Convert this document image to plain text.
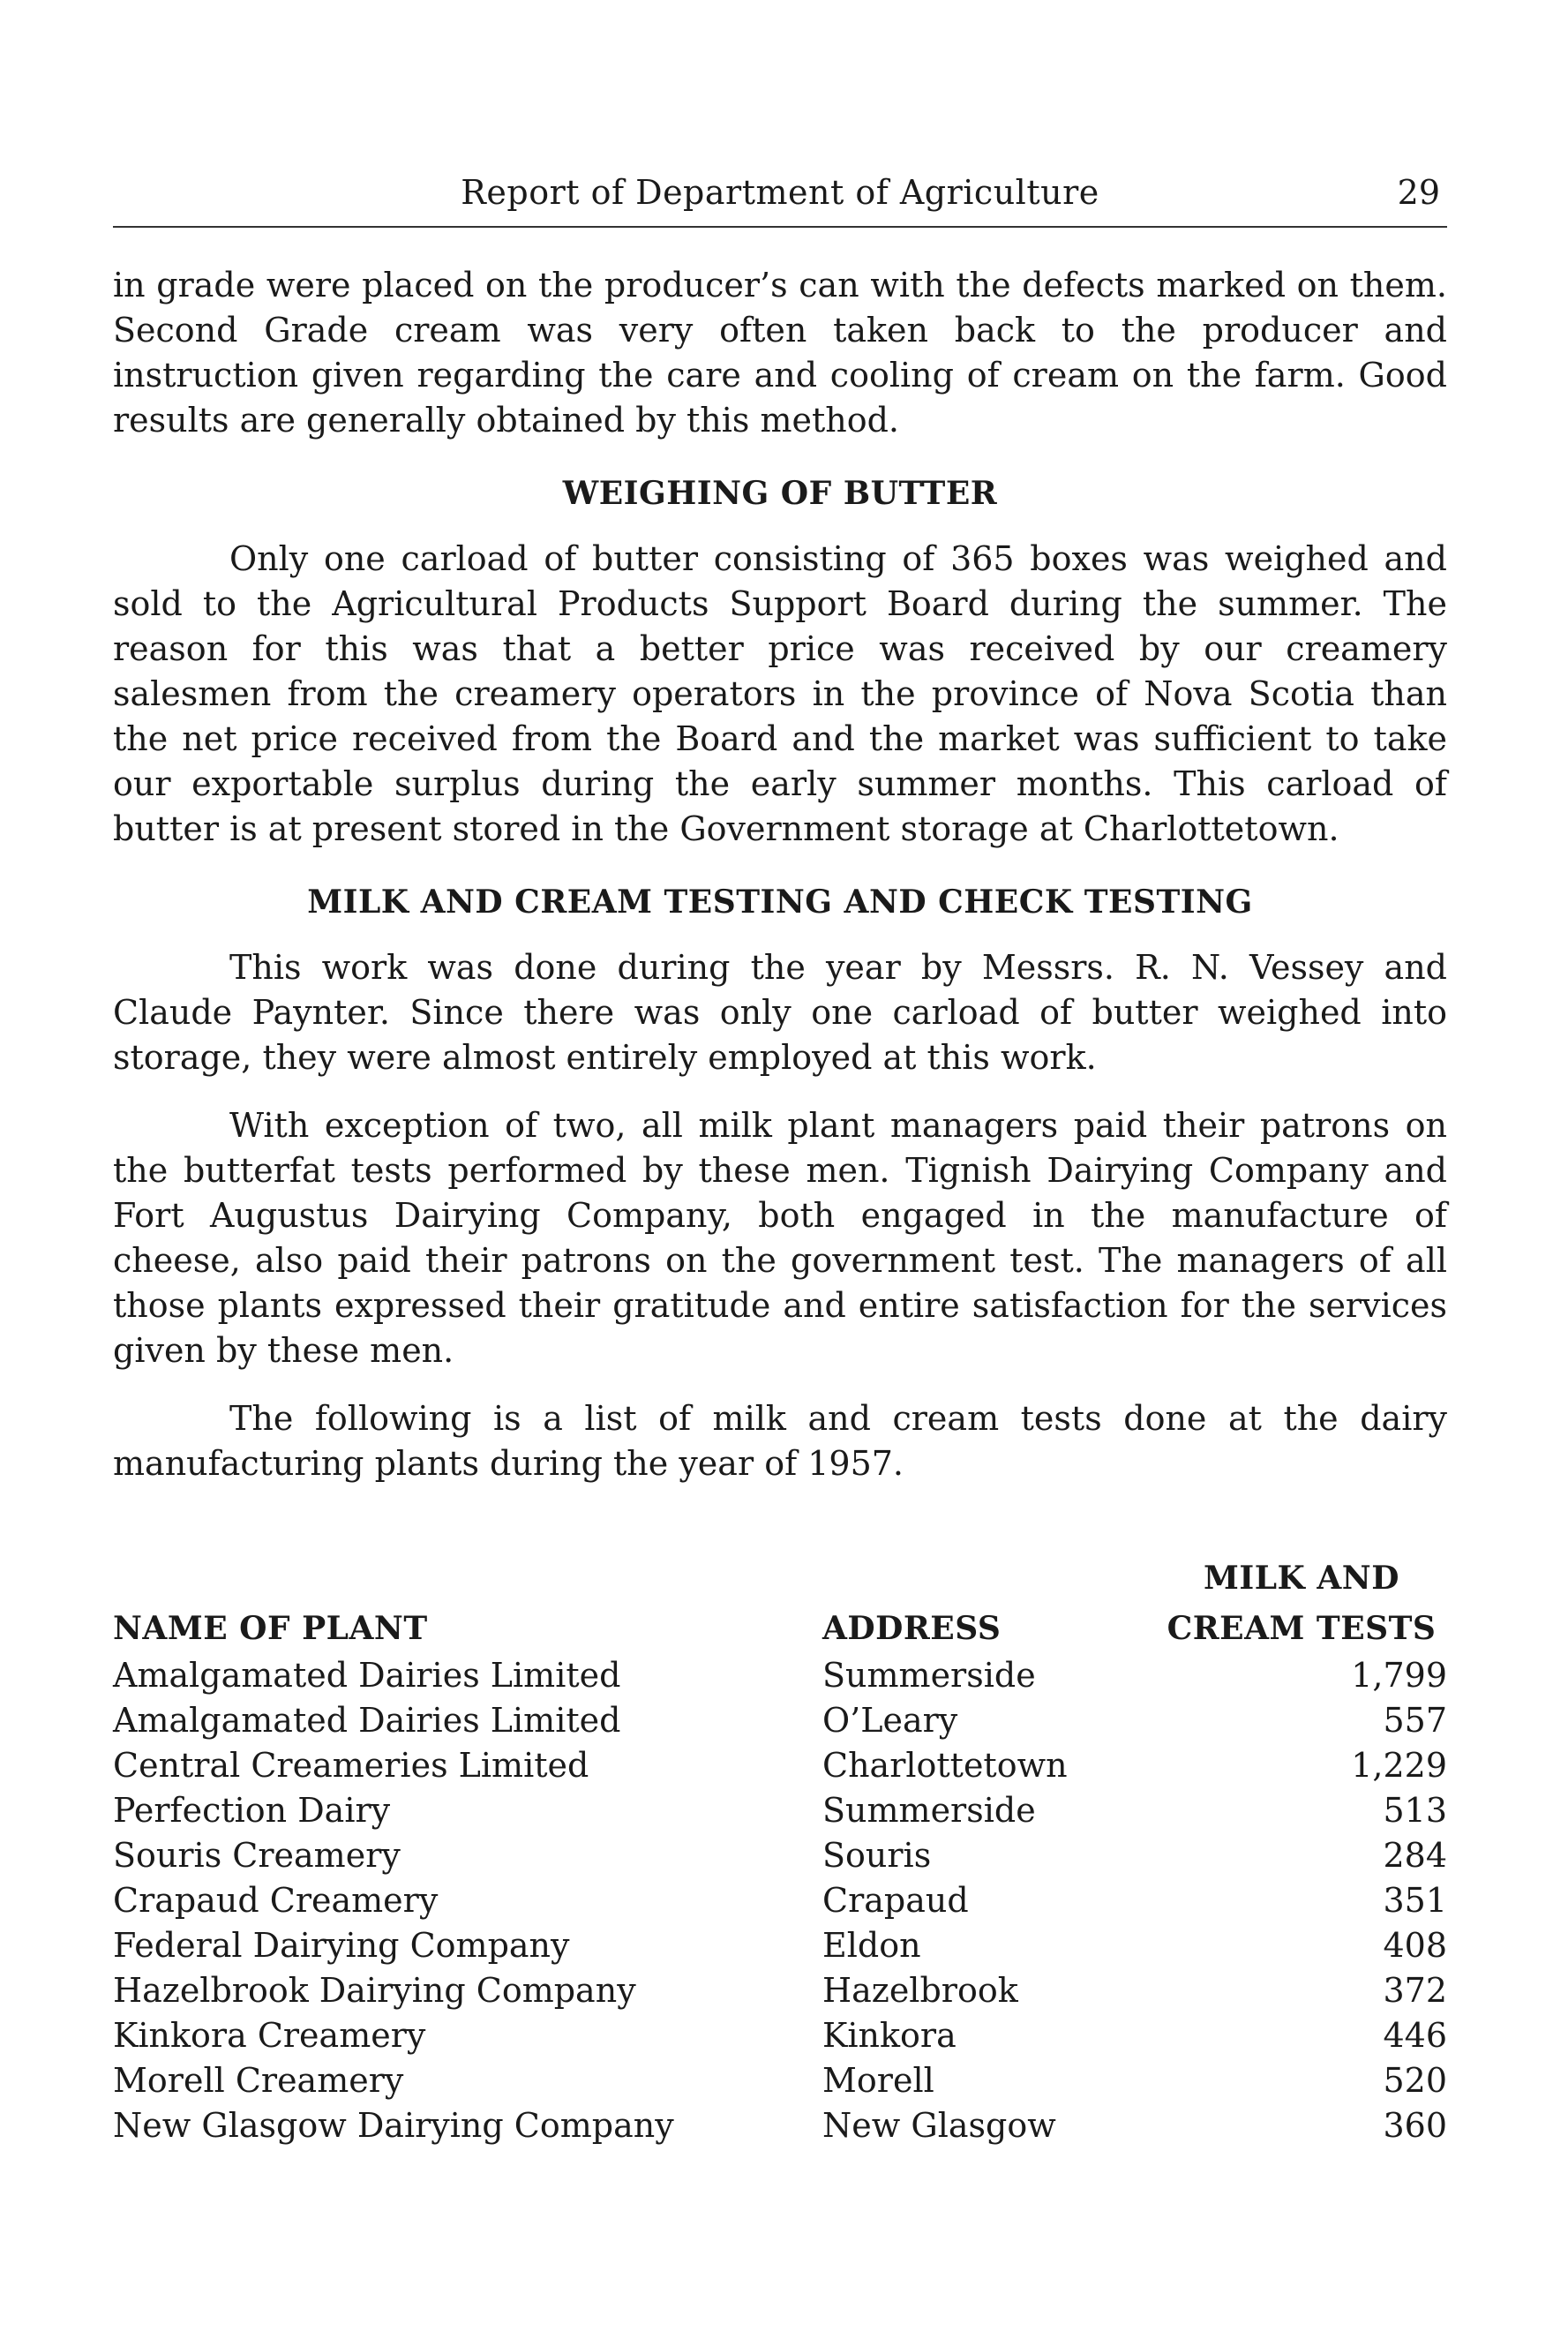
Report of Department of Agriculture	29

in grade were placed on the producer’s can with the defects marked on them. Second Grade cream was very often taken back to the producer and instruction given regarding the care and cooling of cream on the farm. Good results are generally obtained by this method.

WEIGHING OF BUTTER

Only one carload of butter consisting of 365 boxes was weighed and sold to the Agricultural Products Support Board during the summer. The reason for this was that a better price was received by our creamery salesmen from the creamery operators in the province of Nova Scotia than the net price received from the Board and the market was sufficient to take our exportable surplus during the early summer months. This carload of butter is at present stored in the Government storage at Charlottetown.

MILK AND CREAM TESTING AND CHECK TESTING

This work was done during the year by Messrs. R. N. Vessey and Claude Paynter. Since there was only one carload of butter weighed into storage, they were almost entirely employed at this work.

With exception of two, all milk plant managers paid their patrons on the butterfat tests performed by these men. Tignish Dairying Company and Fort Augustus Dairying Company, both engaged in the manufacture of cheese, also paid their patrons on the government test. The managers of all those plants expressed their gratitude and entire satisfaction for the services given by these men.

The following is a list of milk and cream tests done at the dairy manufacturing plants during the year of 1957.

NAME OF PLANT	ADDRESS
MILK AND
CREAM TESTS
Amalgamated Dairies Limited	Summerside	1,799
Amalgamated Dairies Limited	O’Leary	557
Central Creameries Limited	Charlottetown	1,229
Perfection Dairy	Summerside	513
Souris Creamery	Souris	284
Crapaud Creamery	Crapaud	351
Federal Dairying Company	Eldon	408
Hazelbrook Dairying Company	Hazelbrook	372
Kinkora Creamery	Kinkora	446
Morell Creamery	Morell	520
New Glasgow Dairying Company	New Glasgow	360
